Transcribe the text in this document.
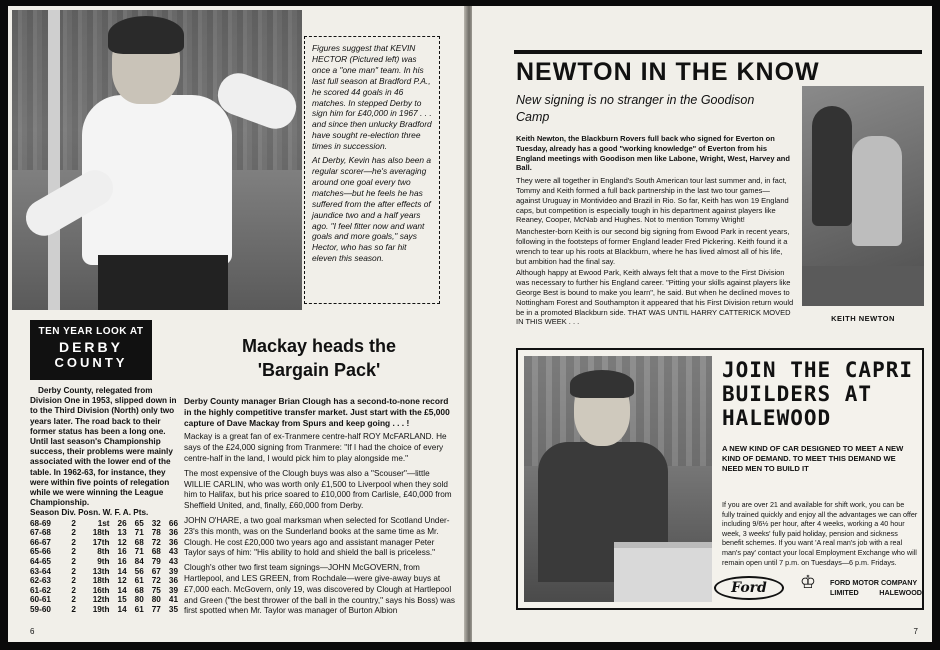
Figures suggest that KEVIN HECTOR (Pictured left) was once a "one man" team. In his last full season at Bradford P.A., he scored 44 goals in 46 matches. In stepped Derby to sign him for £40,000 in 1967 . . . and since then unlucky Bradford have sought re-election three times in succession.

At Derby, Kevin has also been a regular scorer—he's averaging around one goal every two matches—but he feels he has suffered from the after effects of jaundice two and a half years ago. "I feel fitter now and want goals and more goals," says Hector, who has so far hit eleven this season.

TEN YEAR LOOK AT
DERBY
COUNTY

Derby County, relegated from Division One in 1953, slipped down in to the Third Division (North) only two years later. The road back to their former status has been a long one. Until last season's Championship success, their problems were mainly associated with the lower end of the table. In 1962-63, for instance, they were within five points of relegation while we were winning the League Championship.

Season Div. Posn. W. F. A. Pts.
68-69	2	1st	26	65	32	66
67-68	2	18th	13	71	78	36
66-67	2	17th	12	68	72	36
65-66	2	8th	16	71	68	43
64-65	2	9th	16	84	79	43
63-64	2	13th	14	56	67	39
62-63	2	18th	12	61	72	36
61-62	2	16th	14	68	75	39
60-61	2	12th	15	80	80	41
59-60	2	19th	14	61	77	35
Mackay heads the
'Bargain Pack'

Derby County manager Brian Clough has a second-to-none record in the highly competitive transfer market. Just start with the £5,000 capture of Dave Mackay from Spurs and keep going . . . !

Mackay is a great fan of ex-Tranmere centre-half ROY McFARLAND. He says of the £24,000 signing from Tranmere: "If I had the choice of every centre-half in the land, I would pick him to play alongside me."

The most expensive of the Clough buys was also a "Scouser"—little WILLIE CARLIN, who was worth only £1,500 to Liverpool when they sold him to Halifax, but his price soared to £10,000 from Carlisle, £40,000 from Sheffield United, and, finally, £60,000 from Derby.

JOHN O'HARE, a two goal marksman when selected for Scotland Under-23's this month, was on the Sunderland books at the same time as Mr. Clough. He cost £20,000 two years ago and assistant manager Peter Taylor says of him: "His ability to hold and shield the ball is priceless."

Clough's other two first team signings—JOHN McGOVERN, from Hartlepool, and LES GREEN, from Rochdale—were give-away buys at £7,000 each. McGovern, only 19, was discovered by Clough at Hartlepool and Green ("the best thrower of the ball in the country," says his Boss) was first spotted when Mr. Taylor was manager of Burton Albion

6
NEWTON IN THE KNOW
New signing is no stranger in the Goodison Camp

Keith Newton, the Blackburn Rovers full back who signed for Everton on Tuesday, already has a good "working knowledge" of Everton from his England meetings with Goodison men like Labone, Wright, West, Harvey and Ball.

They were all together in England's South American tour last summer and, in fact, Tommy and Keith formed a full back partnership in the last two tour games—against Uruguay in Montivideo and Brazil in Rio. So far, Keith has won 19 England caps, but competition is especially tough in his department against players like Reaney, Cooper, McNab and Hughes. Not to mention Tommy Wright!

Manchester-born Keith is our second big signing from Ewood Park in recent years, following in the footsteps of former England leader Fred Pickering. Keith found it a wrench to tear up his roots at Blackburn, where he has lived almost all of his life, but ambition had the final say.

Although happy at Ewood Park, Keith always felt that a move to the First Division was necessary to further his England career. "Pitting your skills against players like George Best is bound to make you learn", he said. But when he declined moves to Nottingham Forest and Southampton it appeared that his First Division return would be in a promoted Blackburn side. THAT WAS UNTIL HARRY CATTERICK MOVED IN THIS WEEK . . .	KEITH NEWTON
JOIN THE CAPRI BUILDERS AT HALEWOOD
A NEW KIND OF CAR DESIGNED TO MEET A NEW KIND OF DEMAND. TO MEET THIS DEMAND WE NEED MEN TO BUILD IT
If you are over 21 and available for shift work, you can be fully trained quickly and enjoy all the advantages we can offer including 9/6½ per hour, after 4 weeks, working a 40 hour week, 3 weeks' fully paid holiday, pension and sickness benefit schemes. If you want 'A real man's job with a real man's pay' contact your local Employment Exchange who will remain open until 7 p.m. on Tuesdays—6 p.m. Fridays.
Ford	♔	FORD MOTOR COMPANY
LIMITED	HALEWOOD
7
